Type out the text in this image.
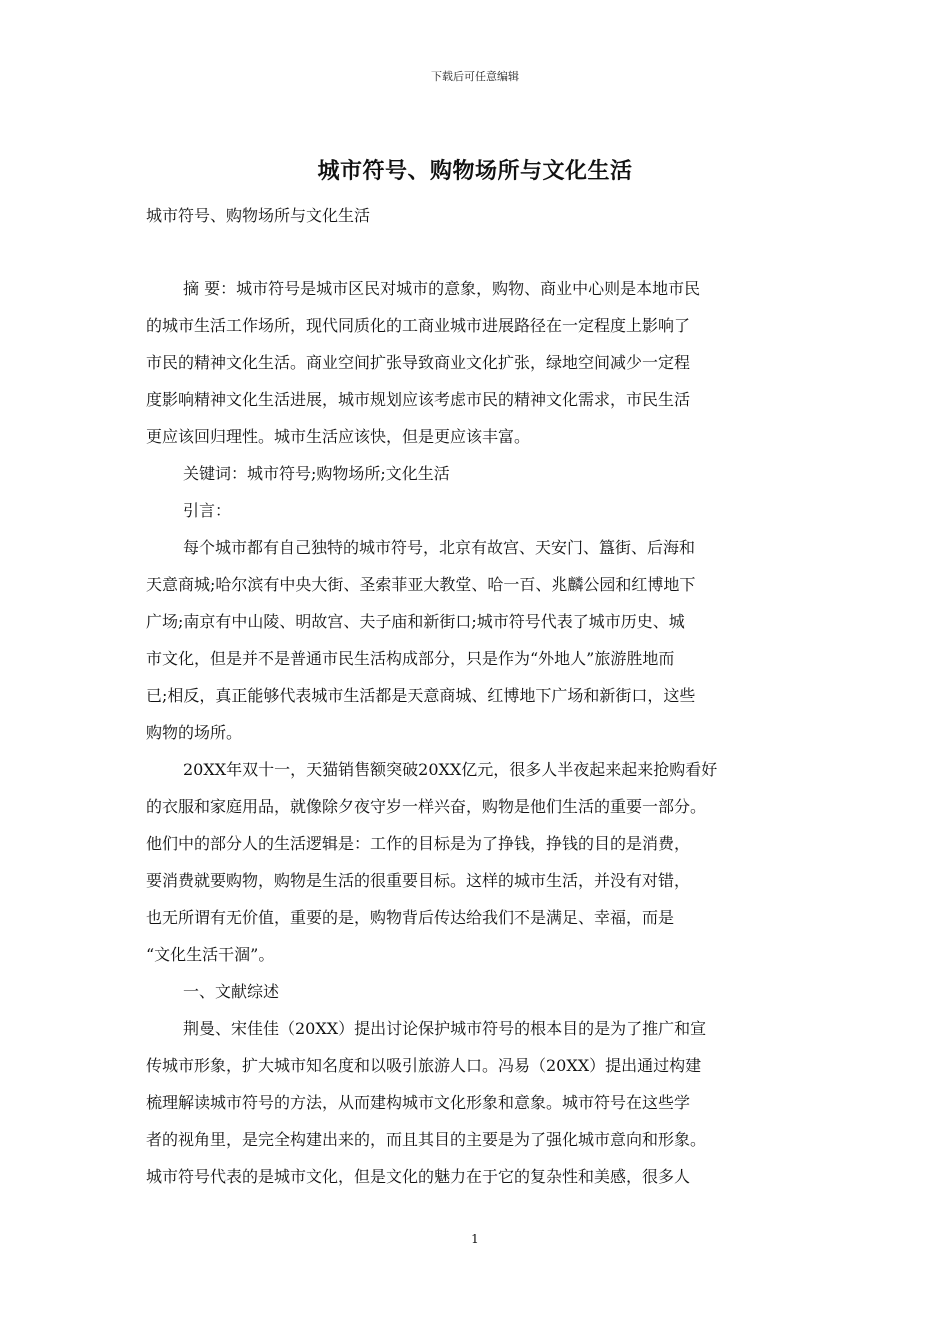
下载后可任意编辑
城市符号、购物场所与文化生活
城市符号、购物场所与文化生活
摘 要：城市符号是城市区民对城市的意象，购物、商业中心则是本地市民
的城市生活工作场所，现代同质化的工商业城市进展路径在一定程度上影响了
市民的精神文化生活。商业空间扩张导致商业文化扩张，绿地空间减少一定程
度影响精神文化生活进展，城市规划应该考虑市民的精神文化需求，市民生活
更应该回归理性。城市生活应该快，但是更应该丰富。
关键词：城市符号;购物场所;文化生活
引言：
每个城市都有自己独特的城市符号，北京有故宫、天安门、簋街、后海和
天意商城;哈尔滨有中央大街、圣索菲亚大教堂、哈一百、兆麟公园和红博地下
广场;南京有中山陵、明故宫、夫子庙和新街口;城市符号代表了城市历史、城
市文化，但是并不是普通市民生活构成部分，只是作为“外地人”旅游胜地而
已;相反，真正能够代表城市生活都是天意商城、红博地下广场和新街口，这些
购物的场所。
20XX年双十一，天猫销售额突破20XX亿元，很多人半夜起来起来抢购看好
的衣服和家庭用品，就像除夕夜守岁一样兴奋，购物是他们生活的重要一部分。
他们中的部分人的生活逻辑是：工作的目标是为了挣钱，挣钱的目的是消费，
要消费就要购物，购物是生活的很重要目标。这样的城市生活，并没有对错，
也无所谓有无价值，重要的是，购物背后传达给我们不是满足、幸福，而是
“文化生活干涸”。
一、文献综述
荆曼、宋佳佳（20XX）提出讨论保护城市符号的根本目的是为了推广和宣
传城市形象，扩大城市知名度和以吸引旅游人口。冯易（20XX）提出通过构建
梳理解读城市符号的方法，从而建构城市文化形象和意象。城市符号在这些学
者的视角里，是完全构建出来的，而且其目的主要是为了强化城市意向和形象。
城市符号代表的是城市文化，但是文化的魅力在于它的复杂性和美感，很多人
1
